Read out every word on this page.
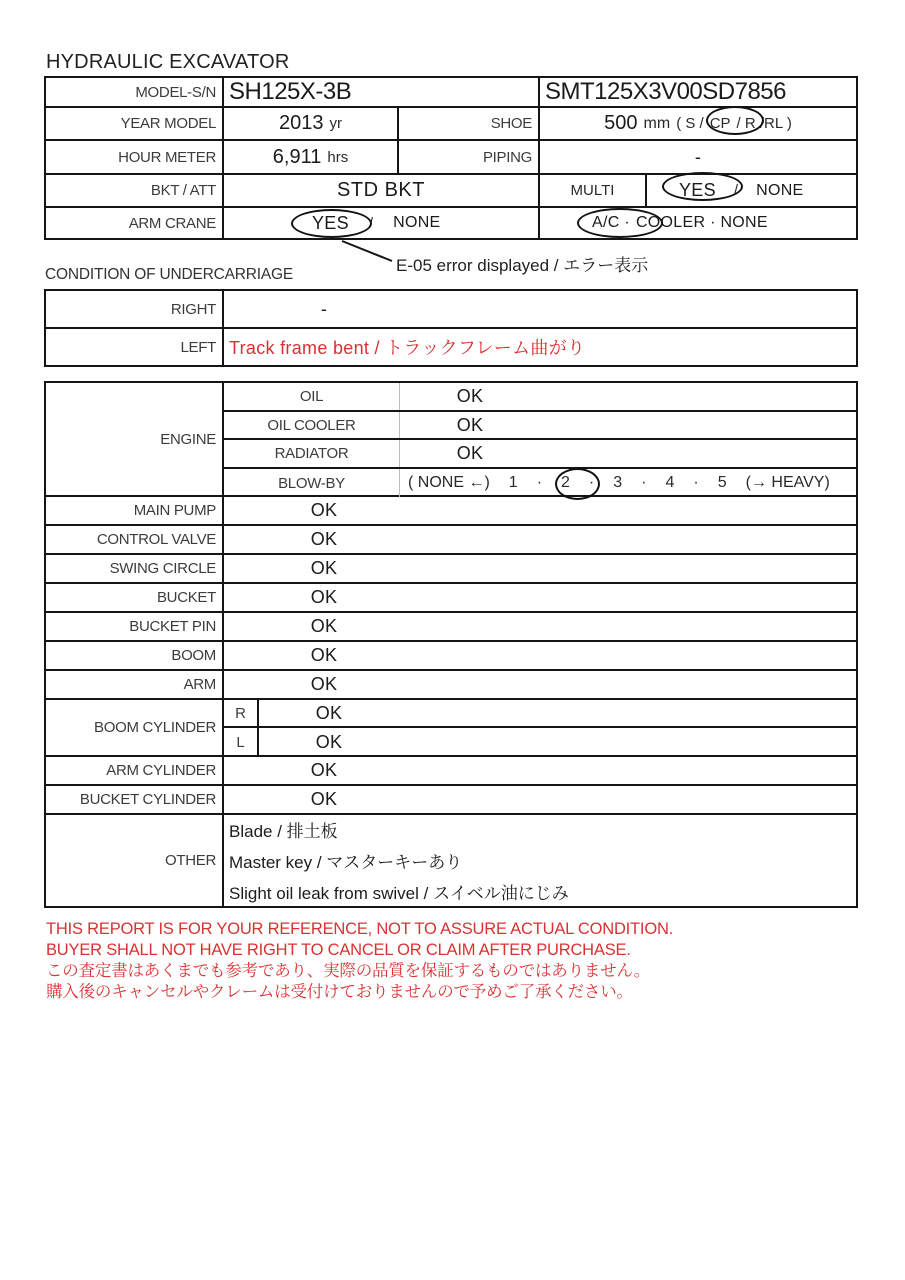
HYDRAULIC EXCAVATOR
MODEL-S/N SH125X-3B	SMT125X3V00SD7856
YEAR MODEL	2013 yr	SHOE	500 mm ( S / CP / R /RL )
HOUR METER	6,911 hrs	PIPING	-
BKT / ATT	STD BKT	MULTI	YES / NONE
ARM CRANE	YES / NONE	A/C · COOLER · NONE
E-05 error displayed / エラー表示
CONDITION OF UNDERCARRIAGE
RIGHT	-
LEFT Track frame bent / トラックフレーム曲がり
ENGINE
OIL	OK
OIL COOLER	OK
RADIATOR	OK
BLOW-BY	( NONE ←) 1 · 2 · 3 · 4 · 5 (→ HEAVY)
MAIN PUMP	OK
CONTROL VALVE	OK
SWING CIRCLE	OK
BUCKET	OK
BUCKET PIN	OK
BOOM	OK
ARM	OK
BOOM CYLINDER
R	OK
L	OK
ARM CYLINDER	OK
BUCKET CYLINDER	OK
OTHER
Blade / 排土板
Master key / マスターキーあり
Slight oil leak from swivel / スイベル油にじみ
THIS REPORT IS FOR YOUR REFERENCE, NOT TO ASSURE ACTUAL CONDITION.
BUYER SHALL NOT HAVE RIGHT TO CANCEL OR CLAIM AFTER PURCHASE.
この査定書はあくまでも参考であり、実際の品質を保証するものではありません。
購入後のキャンセルやクレームは受付けておりませんので予めご了承ください。
